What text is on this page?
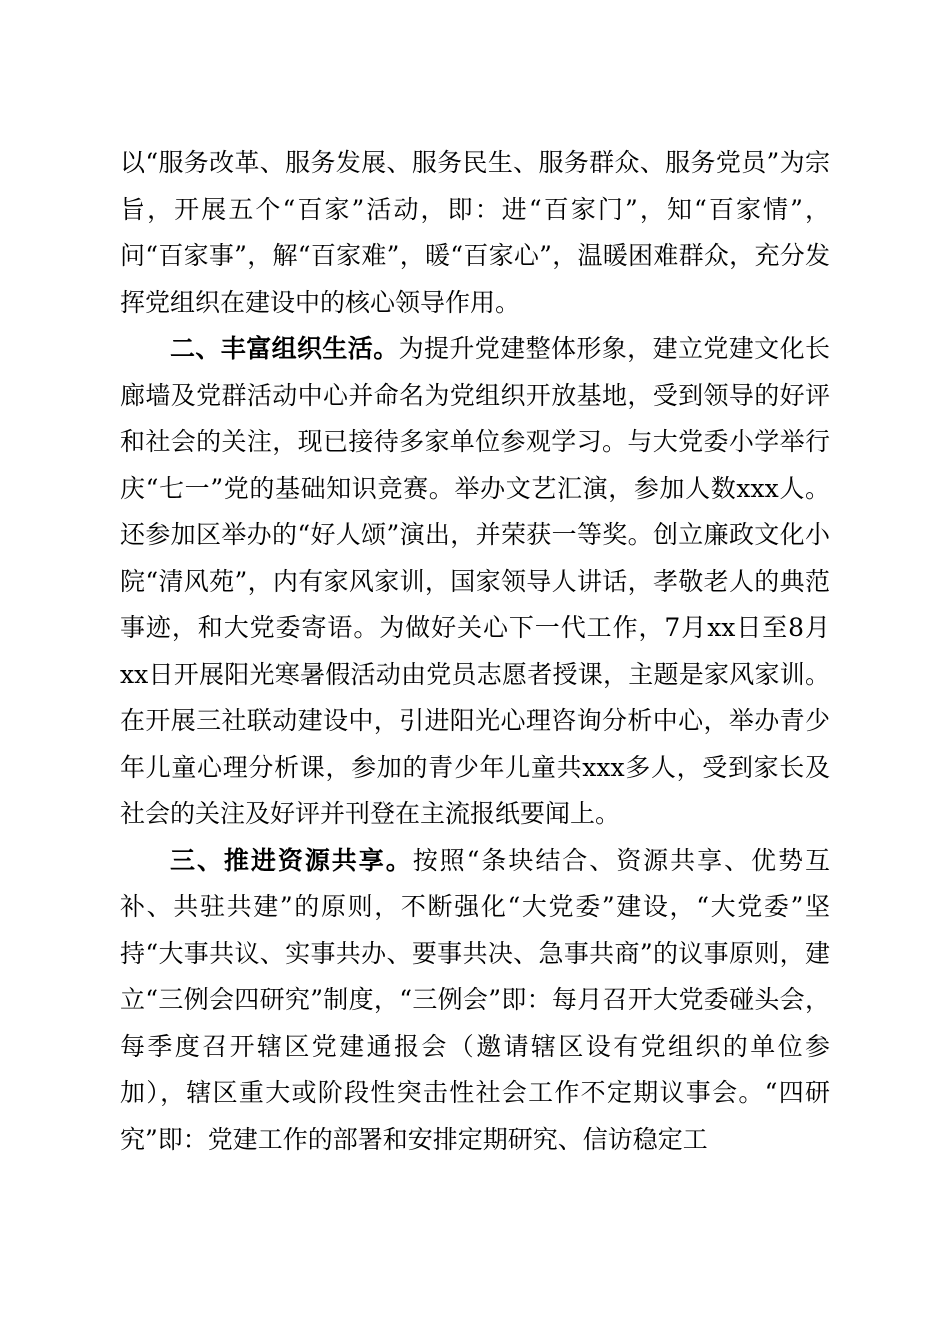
以“服务改革、服务发展、服务民生、服务群众、服务党员”为宗旨，开展五个“百家”活动，即：进“百家门”，知“百家情”，问“百家事”，解“百家难”，暖“百家心”，温暖困难群众，充分发挥党组织在建设中的核心领导作用。

二、丰富组织生活。为提升党建整体形象，建立党建文化长廊墙及党群活动中心并命名为党组织开放基地，受到领导的好评和社会的关注，现已接待多家单位参观学习。与大党委小学举行庆“七一”党的基础知识竞赛。举办文艺汇演，参加人数xxx人。还参加区举办的“好人颂”演出，并荣获一等奖。创立廉政文化小院“清风苑”，内有家风家训，国家领导人讲话，孝敬老人的典范事迹，和大党委寄语。为做好关心下一代工作，7月xx日至8月xx日开展阳光寒暑假活动由党员志愿者授课，主题是家风家训。在开展三社联动建设中，引进阳光心理咨询分析中心，举办青少年儿童心理分析课，参加的青少年儿童共xxx多人，受到家长及社会的关注及好评并刊登在主流报纸要闻上。

三、推进资源共享。按照“条块结合、资源共享、优势互补、共驻共建”的原则，不断强化“大党委”建设，“大党委”坚持“大事共议、实事共办、要事共决、急事共商”的议事原则，建立“三例会四研究”制度，“三例会”即：每月召开大党委碰头会，每季度召开辖区党建通报会（邀请辖区设有党组织的单位参加），辖区重大或阶段性突击性社会工作不定期议事会。“四研究”即：党建工作的部署和安排定期研究、信访稳定工
